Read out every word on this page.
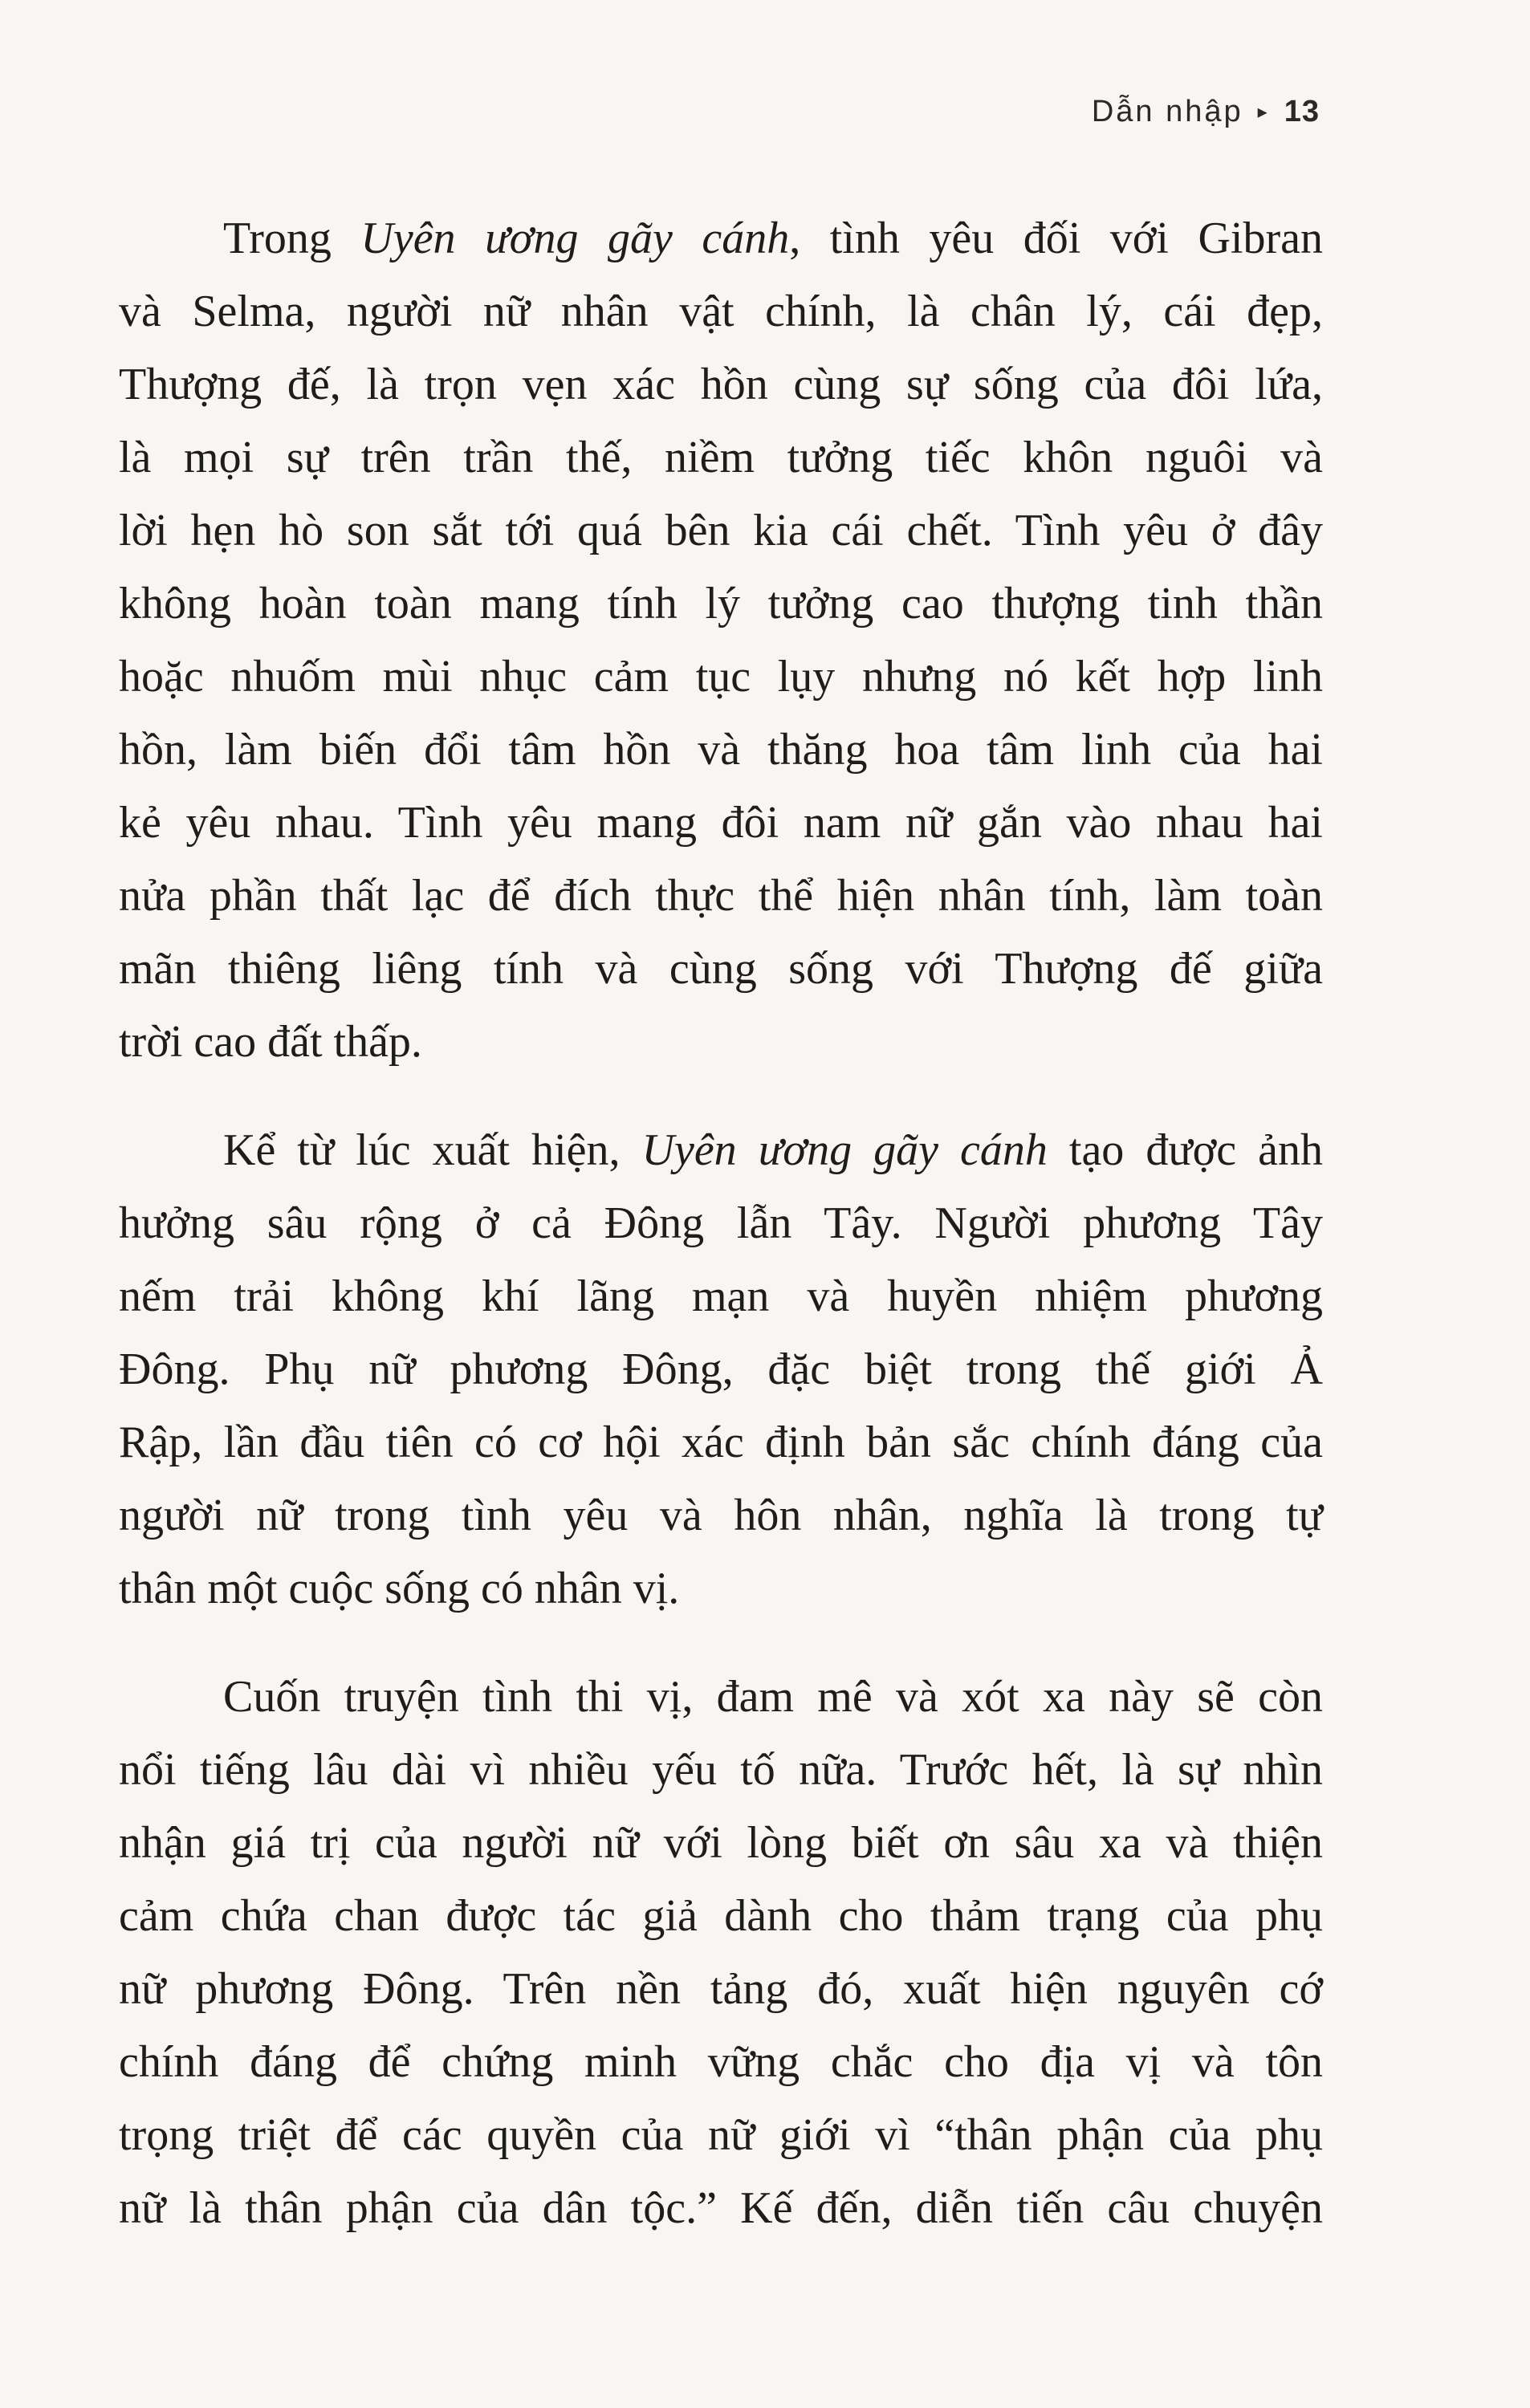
Dẫn nhập ▸ 13

Trong Uyên ương gãy cánh, tình yêu đối với Gibran
và Selma, người nữ nhân vật chính, là chân lý, cái đẹp,
Thượng đế, là trọn vẹn xác hồn cùng sự sống của đôi lứa,
là mọi sự trên trần thế, niềm tưởng tiếc khôn nguôi và
lời hẹn hò son sắt tới quá bên kia cái chết. Tình yêu ở đây
không hoàn toàn mang tính lý tưởng cao thượng tinh thần
hoặc nhuốm mùi nhục cảm tục lụy nhưng nó kết hợp linh
hồn, làm biến đổi tâm hồn và thăng hoa tâm linh của hai
kẻ yêu nhau. Tình yêu mang đôi nam nữ gắn vào nhau hai
nửa phần thất lạc để đích thực thể hiện nhân tính, làm toàn
mãn thiêng liêng tính và cùng sống với Thượng đế giữa
trời cao đất thấp.

Kể từ lúc xuất hiện, Uyên ương gãy cánh tạo được ảnh
hưởng sâu rộng ở cả Đông lẫn Tây. Người phương Tây
nếm trải không khí lãng mạn và huyền nhiệm phương
Đông. Phụ nữ phương Đông, đặc biệt trong thế giới Ả
Rập, lần đầu tiên có cơ hội xác định bản sắc chính đáng của
người nữ trong tình yêu và hôn nhân, nghĩa là trong tự
thân một cuộc sống có nhân vị.

Cuốn truyện tình thi vị, đam mê và xót xa này sẽ còn
nổi tiếng lâu dài vì nhiều yếu tố nữa. Trước hết, là sự nhìn
nhận giá trị của người nữ với lòng biết ơn sâu xa và thiện
cảm chứa chan được tác giả dành cho thảm trạng của phụ
nữ phương Đông. Trên nền tảng đó, xuất hiện nguyên cớ
chính đáng để chứng minh vững chắc cho địa vị và tôn
trọng triệt để các quyền của nữ giới vì “thân phận của phụ
nữ là thân phận của dân tộc.” Kế đến, diễn tiến câu chuyện
